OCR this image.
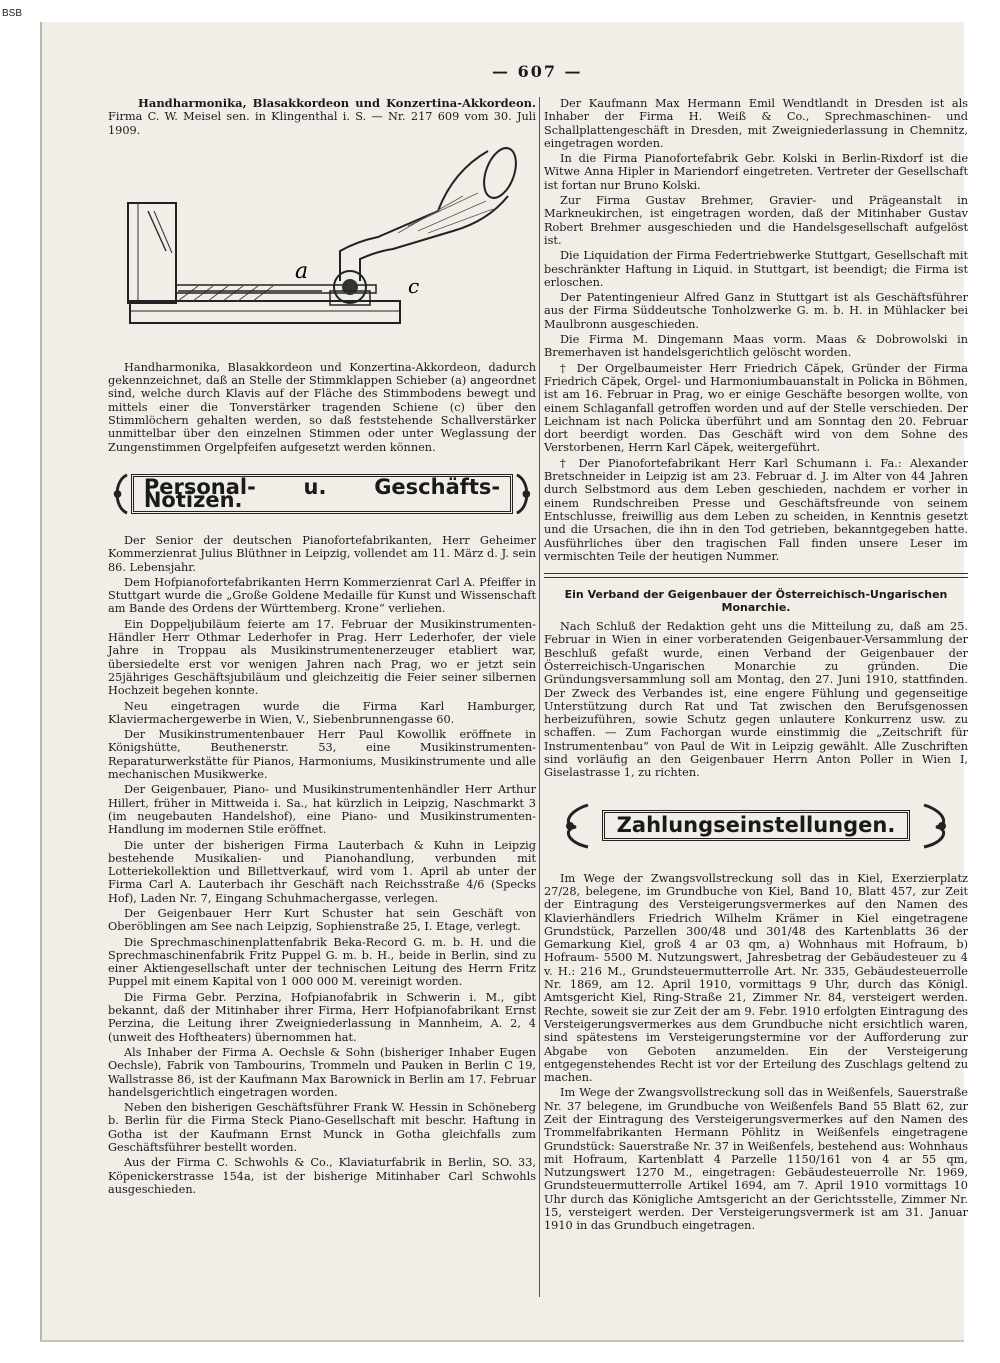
BSB
— 607 —

Handharmonika, Blasakkordeon und Konzertina-Akkordeon. Firma C. W. Meisel sen. in Klingenthal i. S. — Nr. 217 609 vom 30. Juli 1909.

a
c

Handharmonika, Blasakkordeon und Konzertina-Akkordeon, dadurch gekennzeichnet, daß an Stelle der Stimmklappen Schieber (a) angeordnet sind, welche durch Klavis auf der Fläche des Stimmbodens bewegt und mittels einer die Tonverstärker tragenden Schiene (c) über den Stimmlöchern gehalten werden, so daß feststehende Schallverstärker unmittelbar über den einzelnen Stimmen oder unter Weglassung der Zungenstimmen Orgelpfeifen aufgesetzt werden können.

Personal- u. Geschäfts-Notizen.

Der Senior der deutschen Pianofortefabrikanten, Herr Geheimer Kommerzienrat Julius Blüthner in Leipzig, vollendet am 11. März d. J. sein 86. Lebensjahr.

Dem Hofpianofortefabrikanten Herrn Kommerzienrat Carl A. Pfeiffer in Stuttgart wurde die „Große Goldene Medaille für Kunst und Wissenschaft am Bande des Ordens der Württemberg. Krone“ verliehen.

Ein Doppeljubiläum feierte am 17. Februar der Musikinstrumenten-Händler Herr Othmar Lederhofer in Prag. Herr Lederhofer, der viele Jahre in Troppau als Musikinstrumentenerzeuger etabliert war, übersiedelte erst vor wenigen Jahren nach Prag, wo er jetzt sein 25jähriges Geschäftsjubiläum und gleichzeitig die Feier seiner silbernen Hochzeit begehen konnte.

Neu eingetragen wurde die Firma Karl Hamburger, Klaviermachergewerbe in Wien, V., Siebenbrunnengasse 60.

Der Musikinstrumentenbauer Herr Paul Kowollik eröffnete in Königshütte, Beuthenerstr. 53, eine Musikinstrumenten-Reparaturwerkstätte für Pianos, Harmoniums, Musikinstrumente und alle mechanischen Musikwerke.

Der Geigenbauer, Piano- und Musikinstrumentenhändler Herr Arthur Hillert, früher in Mittweida i. Sa., hat kürzlich in Leipzig, Naschmarkt 3 (im neugebauten Handelshof), eine Piano- und Musikinstrumenten-Handlung im modernen Stile eröffnet.

Die unter der bisherigen Firma Lauterbach & Kuhn in Leipzig bestehende Musikalien- und Pianohandlung, verbunden mit Lotteriekollektion und Billettverkauf, wird vom 1. April ab unter der Firma Carl A. Lauterbach ihr Geschäft nach Reichsstraße 4/6 (Specks Hof), Laden Nr. 7, Eingang Schuhmachergasse, verlegen.

Der Geigenbauer Herr Kurt Schuster hat sein Geschäft von Oberöblingen am See nach Leipzig, Sophienstraße 25, I. Etage, verlegt.

Die Sprechmaschinenplattenfabrik Beka-Record G. m. b. H. und die Sprechmaschinenfabrik Fritz Puppel G. m. b. H., beide in Berlin, sind zu einer Aktiengesellschaft unter der technischen Leitung des Herrn Fritz Puppel mit einem Kapital von 1 000 000 M. vereinigt worden.

Die Firma Gebr. Perzina, Hofpianofabrik in Schwerin i. M., gibt bekannt, daß der Mitinhaber ihrer Firma, Herr Hofpianofabrikant Ernst Perzina, die Leitung ihrer Zweigniederlassung in Mannheim, A. 2, 4 (unweit des Hoftheaters) übernommen hat.

Als Inhaber der Firma A. Oechsle & Sohn (bisheriger Inhaber Eugen Oechsle), Fabrik von Tambourins, Trommeln und Pauken in Berlin C 19, Wallstrasse 86, ist der Kaufmann Max Barownick in Berlin am 17. Februar handelsgerichtlich eingetragen worden.

Neben den bisherigen Geschäftsführer Frank W. Hessin in Schöneberg b. Berlin für die Firma Steck Piano-Gesellschaft mit beschr. Haftung in Gotha ist der Kaufmann Ernst Munck in Gotha gleichfalls zum Geschäftsführer bestellt worden.

Aus der Firma C. Schwohls & Co., Klaviaturfabrik in Berlin, SO. 33, Köpenickerstrasse 154a, ist der bisherige Mitinhaber Carl Schwohls ausgeschieden.

Der Kaufmann Max Hermann Emil Wendtlandt in Dresden ist als Inhaber der Firma H. Weiß & Co., Sprechmaschinen- und Schallplattengeschäft in Dresden, mit Zweigniederlassung in Chemnitz, eingetragen worden.

In die Firma Pianofortefabrik Gebr. Kolski in Berlin-Rixdorf ist die Witwe Anna Hipler in Mariendorf eingetreten. Vertreter der Gesellschaft ist fortan nur Bruno Kolski.

Zur Firma Gustav Brehmer, Gravier- und Prägeanstalt in Markneukirchen, ist eingetragen worden, daß der Mitinhaber Gustav Robert Brehmer ausgeschieden und die Handelsgesellschaft aufgelöst ist.

Die Liquidation der Firma Federtriebwerke Stuttgart, Gesellschaft mit beschränkter Haftung in Liquid. in Stuttgart, ist beendigt; die Firma ist erloschen.

Der Patentingenieur Alfred Ganz in Stuttgart ist als Geschäftsführer aus der Firma Süddeutsche Tonholzwerke G. m. b. H. in Mühlacker bei Maulbronn ausgeschieden.

Die Firma M. Dingemann Maas vorm. Maas & Dobrowolski in Bremerhaven ist handelsgerichtlich gelöscht worden.

† Der Orgelbaumeister Herr Friedrich Căpek, Gründer der Firma Friedrich Căpek, Orgel- und Harmoniumbauanstalt in Policka in Böhmen, ist am 16. Februar in Prag, wo er einige Geschäfte besorgen wollte, von einem Schlaganfall getroffen worden und auf der Stelle verschieden. Der Leichnam ist nach Policka überführt und am Sonntag den 20. Februar dort beerdigt worden. Das Geschäft wird von dem Sohne des Verstorbenen, Herrn Karl Căpek, weitergeführt.

† Der Pianofortefabrikant Herr Karl Schumann i. Fa.: Alexander Bretschneider in Leipzig ist am 23. Februar d. J. im Alter von 44 Jahren durch Selbstmord aus dem Leben geschieden, nachdem er vorher in einem Rundschreiben Presse und Geschäftsfreunde von seinem Entschlusse, freiwillig aus dem Leben zu scheiden, in Kenntnis gesetzt und die Ursachen, die ihn in den Tod getrieben, bekanntgegeben hatte. Ausführliches über den tragischen Fall finden unsere Leser im vermischten Teile der heutigen Nummer.

Ein Verband der Geigenbauer der Österreichisch-Ungarischen Monarchie.

Nach Schluß der Redaktion geht uns die Mitteilung zu, daß am 25. Februar in Wien in einer vorberatenden Geigenbauer-Versammlung der Beschluß gefaßt wurde, einen Verband der Geigenbauer der Österreichisch-Ungarischen Monarchie zu gründen. Die Gründungsversammlung soll am Montag, den 27. Juni 1910, stattfinden. Der Zweck des Verbandes ist, eine engere Fühlung und gegenseitige Unterstützung durch Rat und Tat zwischen den Berufsgenossen herbeizuführen, sowie Schutz gegen unlautere Konkurrenz usw. zu schaffen. — Zum Fachorgan wurde einstimmig die „Zeitschrift für Instrumentenbau“ von Paul de Wit in Leipzig gewählt. Alle Zuschriften sind vorläufig an den Geigenbauer Herrn Anton Poller in Wien I, Giselastrasse 1, zu richten.

Zahlungseinstellungen.

Im Wege der Zwangsvollstreckung soll das in Kiel, Exerzierplatz 27/28, belegene, im Grundbuche von Kiel, Band 10, Blatt 457, zur Zeit der Eintragung des Versteigerungsvermerkes auf den Namen des Klavierhändlers Friedrich Wilhelm Krämer in Kiel eingetragene Grundstück, Parzellen 300/48 und 301/48 des Kartenblatts 36 der Gemarkung Kiel, groß 4 ar 03 qm, a) Wohnhaus mit Hofraum, b) Hofraum- 5500 M. Nutzungswert, Jahresbetrag der Gebäudesteuer zu 4 v. H.: 216 M., Grundsteuermutterrolle Art. Nr. 335, Gebäudesteuerrolle Nr. 1869, am 12. April 1910, vormittags 9 Uhr, durch das Königl. Amtsgericht Kiel, Ring-Straße 21, Zimmer Nr. 84, versteigert werden. Rechte, soweit sie zur Zeit der am 9. Febr. 1910 erfolgten Eintragung des Versteigerungsvermerkes aus dem Grundbuche nicht ersichtlich waren, sind spätestens im Versteigerungstermine vor der Aufforderung zur Abgabe von Geboten anzumelden. Ein der Versteigerung entgegenstehendes Recht ist vor der Erteilung des Zuschlags geltend zu machen.

Im Wege der Zwangsvollstreckung soll das in Weißenfels, Sauerstraße Nr. 37 belegene, im Grundbuche von Weißenfels Band 55 Blatt 62, zur Zeit der Eintragung des Versteigerungsvermerkes auf den Namen des Trommelfabrikanten Hermann Pöhlitz in Weißenfels eingetragene Grundstück: Sauerstraße Nr. 37 in Weißenfels, bestehend aus: Wohnhaus mit Hofraum, Kartenblatt 4 Parzelle 1150/161 von 4 ar 55 qm, Nutzungswert 1270 M., eingetragen: Gebäudesteuerrolle Nr. 1969, Grundsteuermutterrolle Artikel 1694, am 7. April 1910 vormittags 10 Uhr durch das Königliche Amtsgericht an der Gerichtsstelle, Zimmer Nr. 15, versteigert werden. Der Versteigerungsvermerk ist am 31. Januar 1910 in das Grundbuch eingetragen.
